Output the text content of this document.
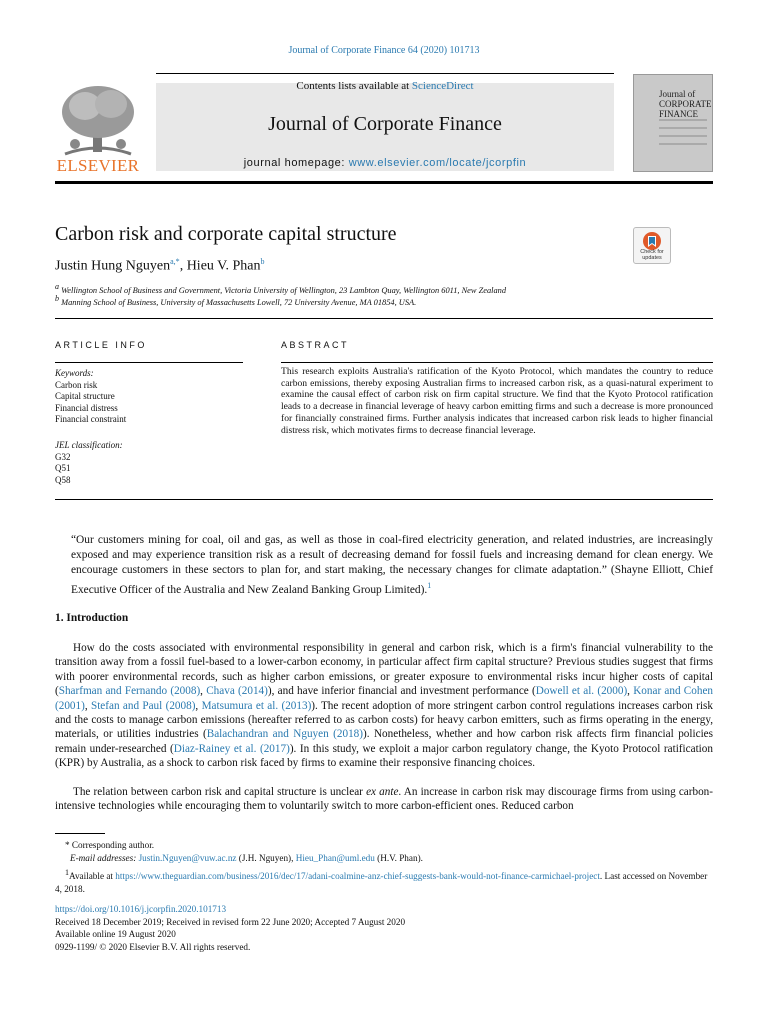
Journal of Corporate Finance 64 (2020) 101713
ELSEVIER
Contents lists available at ScienceDirect
Journal of Corporate Finance
journal homepage: www.elsevier.com/locate/jcorpfin
Journal of
CORPORATE
FINANCE
Carbon risk and corporate capital structure
Check for updates
Justin Hung Nguyen$^{a,*}$, Hieu V. Phan$^b$
$^a$ Wellington School of Business and Government, Victoria University of Wellington, 23 Lambton Quay, Wellington 6011, New Zealand
$^b$ Manning School of Business, University of Massachusetts Lowell, 72 University Avenue, MA 01854, USA.
ARTICLE INFO
Keywords:
Carbon risk
Capital structure
Financial distress
Financial constraint
JEL classification:
G32
Q51
Q58
ABSTRACT
This research exploits Australia's ratification of the Kyoto Protocol, which mandates the country to reduce carbon emissions, thereby exposing Australian firms to increased carbon risk, as a quasi-natural experiment to examine the causal effect of carbon risk on firm capital structure. We find that the Kyoto Protocol ratification leads to a decrease in financial leverage of heavy carbon emitting firms and such a decrease is more pronounced for financially constrained firms. Further analysis indicates that increased carbon risk leads to higher financial distress risk, which motivates firms to decrease financial leverage.
“Our customers mining for coal, oil and gas, as well as those in coal-fired electricity generation, and related industries, are increasingly exposed and may experience transition risk as a result of decreasing demand for fossil fuels and increasing demand for clean energy. We encourage customers in these sectors to plan for, and start making, the necessary changes for climate adaptation.” (Shayne Elliott, Chief Executive Officer of the Australia and New Zealand Banking Group Limited).$^1$
1. Introduction
How do the costs associated with environmental responsibility in general and carbon risk, which is a firm's financial vulnerability to the transition away from a fossil fuel-based to a lower-carbon economy, in particular affect firm capital structure? Previous studies suggest that firms with poorer environmental records, such as higher carbon emissions, or greater exposure to environmental risks incur higher costs of capital (Sharfman and Fernando (2008), Chava (2014)), and have inferior financial and investment performance (Dowell et al. (2000), Konar and Cohen (2001), Stefan and Paul (2008), Matsumura et al. (2013)). The recent adoption of more stringent carbon control regulations increases carbon risk and the costs to manage carbon emissions (hereafter referred to as carbon costs) for heavy carbon emitters, such as firms operating in the energy, materials, or utilities industries (Balachandran and Nguyen (2018)). Nonetheless, whether and how carbon risk affects firm financial policies remain under-researched (Diaz-Rainey et al. (2017)). In this study, we exploit a major carbon regulatory change, the Kyoto Protocol ratification (KPR) by Australia, as a shock to carbon risk faced by firms to examine their responsive financing choices.
The relation between carbon risk and capital structure is unclear ex ante. An increase in carbon risk may discourage firms from using carbon-intensive technologies while encouraging them to voluntarily switch to more carbon-efficient ones. Reduced carbon
* Corresponding author.
E-mail addresses: Justin.Nguyen@vuw.ac.nz (J.H. Nguyen), Hieu_Phan@uml.edu (H.V. Phan).
$^1$Available at https://www.theguardian.com/business/2016/dec/17/adani-coalmine-anz-chief-suggests-bank-would-not-finance-carmichael-project. Last accessed on November 4, 2018.
https://doi.org/10.1016/j.jcorpfin.2020.101713
Received 18 December 2019; Received in revised form 22 June 2020; Accepted 7 August 2020
Available online 19 August 2020
0929-1199/ © 2020 Elsevier B.V. All rights reserved.
